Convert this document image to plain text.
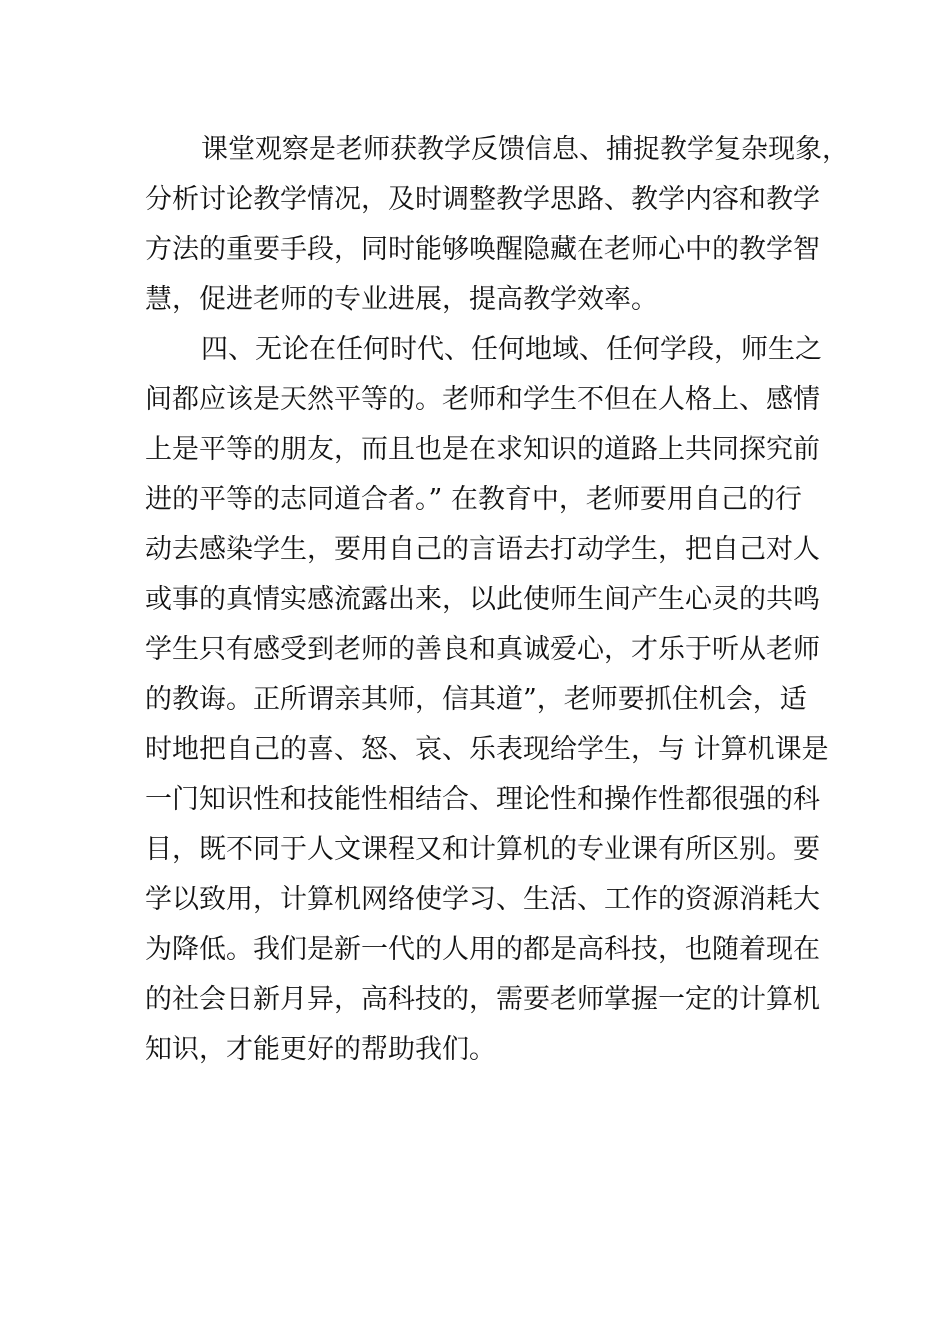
课堂观察是老师获教学反馈信息、捕捉教学复杂现象，
分析讨论教学情况，及时调整教学思路、教学内容和教学
方法的重要手段，同时能够唤醒隐藏在老师心中的教学智
慧，促进老师的专业进展，提高教学效率。
四、无论在任何时代、任何地域、任何学段，师生之
间都应该是天然平等的。老师和学生不但在人格上、感情
上是平等的朋友，而且也是在求知识的道路上共同探究前
进的平等的志同道合者。” 在教育中，老师要用自己的行
动去感染学生，要用自己的言语去打动学生，把自己对人
或事的真情实感流露出来，以此使师生间产生心灵的共鸣
学生只有感受到老师的善良和真诚爱心，才乐于听从老师
的教诲。正所谓亲其师，信其道”，老师要抓住机会，适
时地把自己的喜、怒、哀、乐表现给学生，与 计算机课是
一门知识性和技能性相结合、理论性和操作性都很强的科
目，既不同于人文课程又和计算机的专业课有所区别。要
学以致用，计算机网络使学习、生活、工作的资源消耗大
为降低。我们是新一代的人用的都是高科技，也随着现在
的社会日新月异，高科技的，需要老师掌握一定的计算机
知识，才能更好的帮助我们。
